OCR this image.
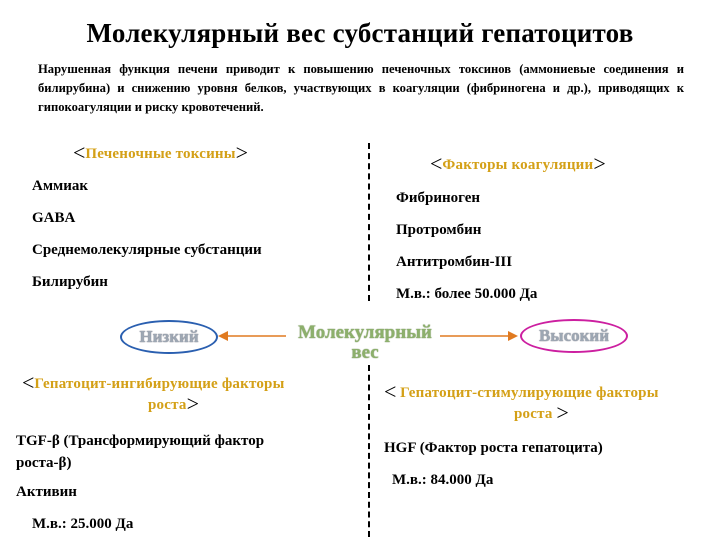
Молекулярный вес субстанций гепатоцитов
Нарушенная функция печени приводит к повышению печеночных токсинов (аммониевые соединения и билирубина) и снижению уровня белков, участвующих в коагуляции (фибриногена и др.), приводящих к гипокоагуляции и риску кровотечений.
<Печеночные токсины>
Аммиак
GABA
Среднемолекулярные субстанции
Билирубин
<Факторы коагуляции>
Фибриноген
Протромбин
Антитромбин-III
М.в.: более 50.000 Да
Низкий	Высокий
Молекулярный
вес
<Гепатоцит-ингибирующие факторы
роста>
TGF-β (Трансформирующий фактор
роста-β)
Активин
М.в.: 25.000 Да
< Гепатоцит-стимулирующие факторы
роста >
HGF (Фактор роста гепатоцита)
М.в.: 84.000 Да
